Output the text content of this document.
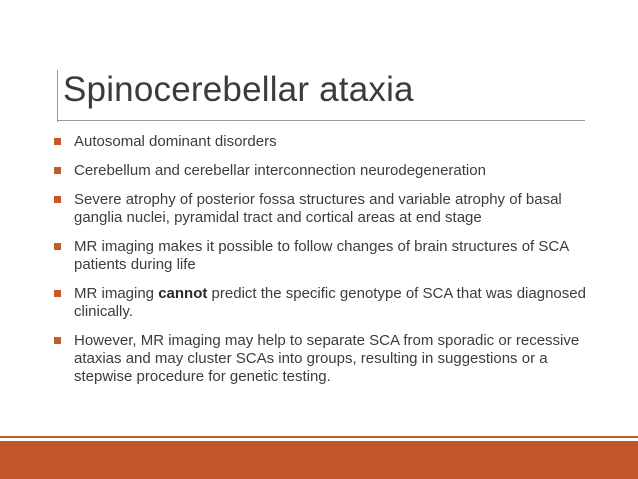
Spinocerebellar ataxia
Autosomal dominant disorders
Cerebellum and cerebellar interconnection neurodegeneration
Severe atrophy of posterior fossa structures and variable atrophy of basal ganglia nuclei, pyramidal tract and cortical areas at end stage
MR imaging makes it possible to follow changes of brain structures of SCA patients during life
MR imaging cannot predict the specific genotype of SCA that was diagnosed clinically.
However, MR imaging may help to separate SCA from sporadic or recessive ataxias and may cluster SCAs into groups, resulting in suggestions or a stepwise procedure for genetic testing.
